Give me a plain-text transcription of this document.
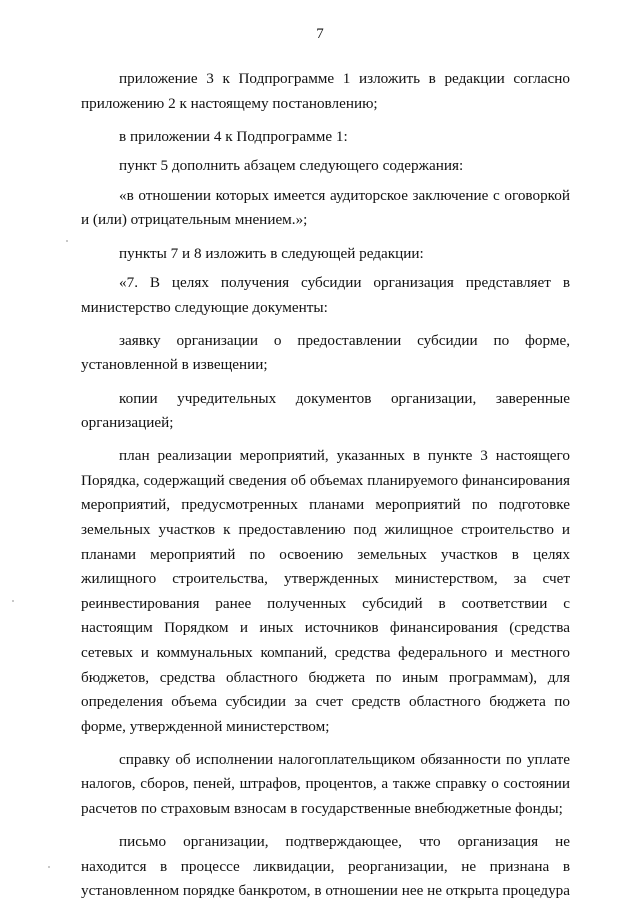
7

приложение 3 к Подпрограмме 1 изложить в редакции согласно приложению 2 к настоящему постановлению;

в приложении 4 к Подпрограмме 1:

пункт 5 дополнить абзацем следующего содержания:

«в отношении которых имеется аудиторское заключение с оговоркой и (или) отрицательным мнением.»;

пункты 7 и 8 изложить в следующей редакции:

«7. В целях получения субсидии организация представляет в министерство следующие документы:

заявку организации о предоставлении субсидии по форме, установленной в извещении;

копии учредительных документов организации, заверенные организацией;

план реализации мероприятий, указанных в пункте 3 настоящего Порядка, содержащий сведения об объемах планируемого финансирования мероприятий, предусмотренных планами мероприятий по подготовке земельных участков к предоставлению под жилищное строительство и планами мероприятий по освоению земельных участков в целях жилищного строительства, утвержденных министерством, за счет реинвестирования ранее полученных субсидий в соответствии с настоящим Порядком и иных источников финансирования (средства сетевых и коммунальных компаний, средства федерального и местного бюджетов, средства областного бюджета по иным программам), для определения объема субсидии за счет средств областного бюджета по форме, утвержденной министерством;

справку об исполнении налогоплательщиком обязанности по уплате налогов, сборов, пеней, штрафов, процентов, а также справку о состоянии расчетов по страховым взносам в государственные внебюджетные фонды;

письмо организации, подтверждающее, что организация не находится в процессе ликвидации, реорганизации, не признана в установленном порядке банкротом, в отношении нее не открыта процедура
